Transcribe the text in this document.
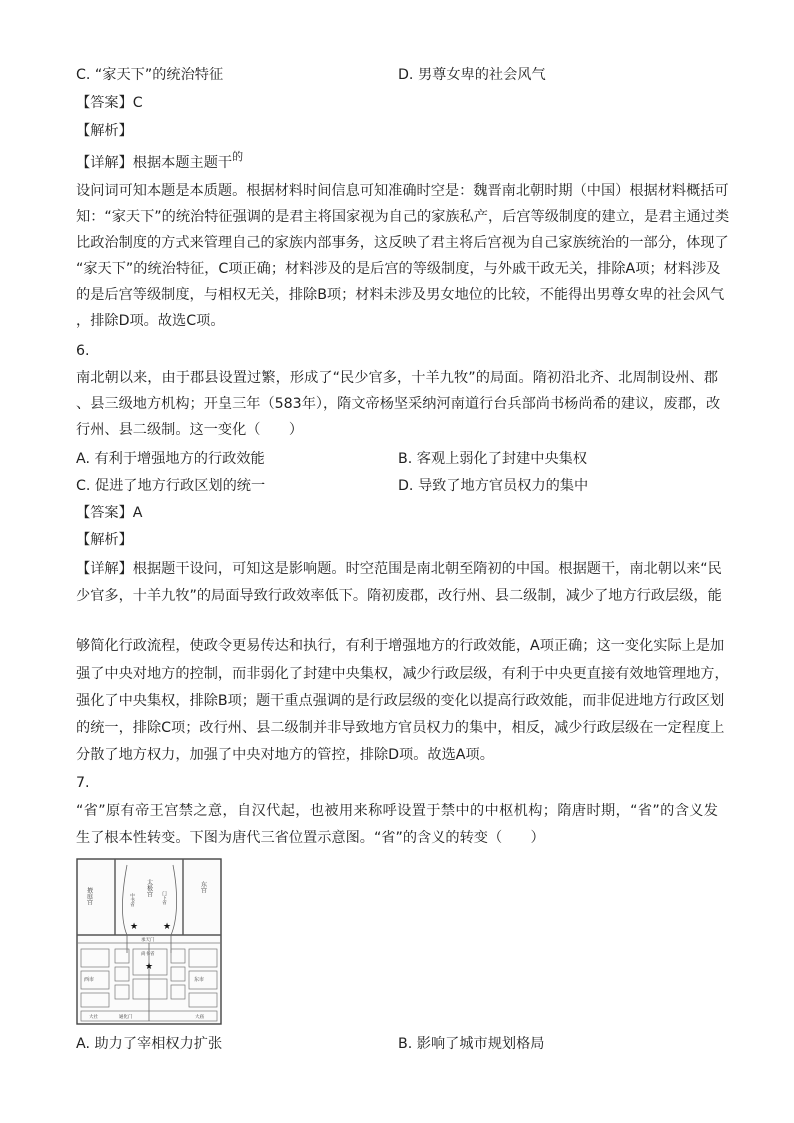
C. “家天下”的统治特征	D. 男尊女卑的社会风气
【答案】C
【解析】
【详解】根据本题主题干$^的$
设问词可知本题是本质题。根据材料时间信息可知准确时空是：魏晋南北朝时期（中国）根据材料概括可
知：“家天下”的统治特征强调的是君主将国家视为自己的家族私产，后宫等级制度的建立，是君主通过类
比政治制度的方式来管理自己的家族内部事务，这反映了君主将后宫视为自己家族统治的一部分，体现了
“家天下”的统治特征，C项正确；材料涉及的是后宫的等级制度，与外戚干政无关，排除A项；材料涉及
的是后宫等级制度，与相权无关，排除B项；材料未涉及男女地位的比较，不能得出男尊女卑的社会风气
，排除D项。故选C项。
6.
南北朝以来，由于郡县设置过繁，形成了“民少官多，十羊九牧”的局面。隋初沿北齐、北周制设州、郡
、县三级地方机构；开皇三年（583年），隋文帝杨坚采纳河南道行台兵部尚书杨尚希的建议，废郡，改
行州、县二级制。这一变化（　　）
A. 有利于增强地方的行政效能	B. 客观上弱化了封建中央集权
C. 促进了地方行政区划的统一	D. 导致了地方官员权力的集中
【答案】A
【解析】
【详解】根据题干设问，可知这是影响题。时空范围是南北朝至隋初的中国。根据题干，南北朝以来“民
少官多，十羊九牧”的局面导致行政效率低下。隋初废郡，改行州、县二级制，减少了地方行政层级，能
够简化行政流程，使政令更易传达和执行，有利于增强地方的行政效能，A项正确；这一变化实际上是加
强了中央对地方的控制，而非弱化了封建中央集权，减少行政层级，有利于中央更直接有效地管理地方，
强化了中央集权，排除B项；题干重点强调的是行政层级的变化以提高行政效能，而非促进地方行政区划
的统一，排除C项；改行州、县二级制并非导致地方官员权力的集中，相反，减少行政层级在一定程度上
分散了地方权力，加强了中央对地方的管控，排除D项。故选A项。
7.
“省”原有帝王宫禁之意，自汉代起，也被用来称呼设置于禁中的中枢机构；隋唐时期，“省”的含义发
生了根本性转变。下图为唐代三省位置示意图。“省”的含义的转变（　　）
掖庭宫	太极宫	东宫
中书省	门下省
承天门
尚书省
西市	东市
大社	通化门	大庙
★	★
★
A. 助力了宰相权力扩张	B. 影响了城市规划格局
